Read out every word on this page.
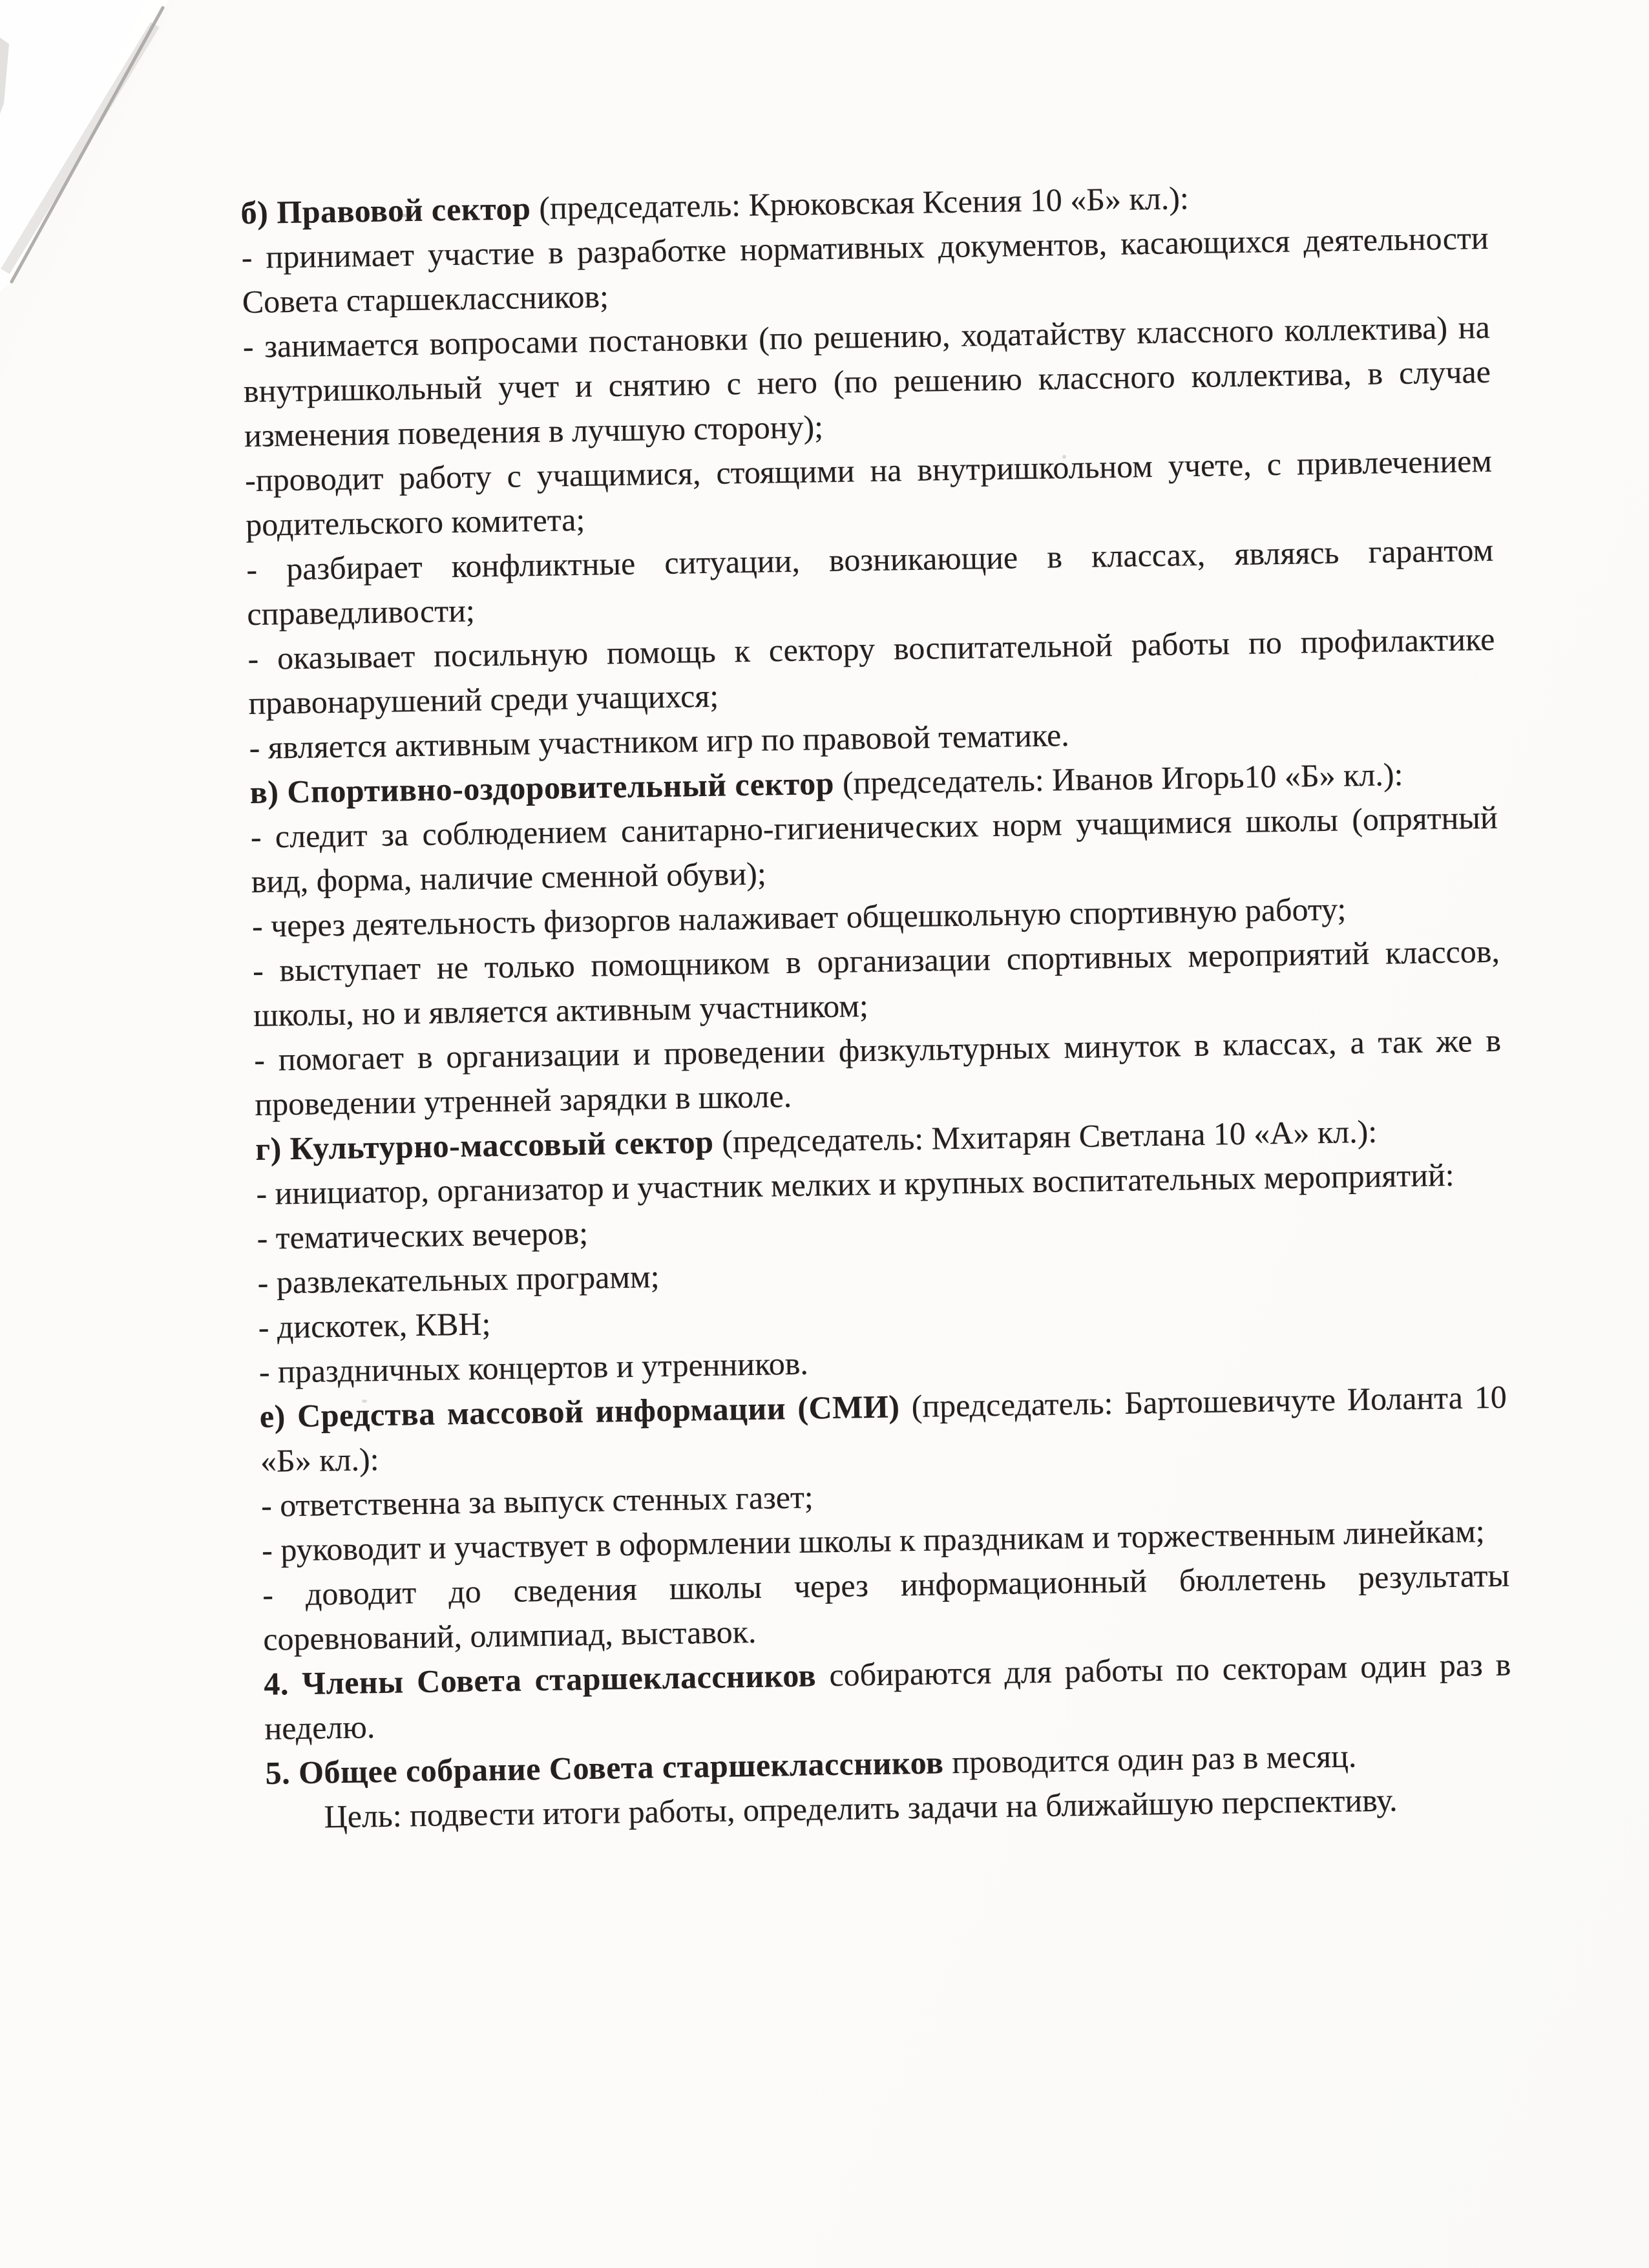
б) Правовой сектор (председатель: Крюковская Ксения 10 «Б» кл.):

- принимает участие в разработке нормативных документов, касающихся деятельности Совета старшеклассников;

- занимается вопросами постановки (по решению, ходатайству классного коллектива) на внутришкольный учет и снятию с него (по решению классного коллектива, в случае изменения поведения в лучшую сторону);

-проводит работу с учащимися, стоящими на внутришкольном учете, с привлечением родительского комитета;

- разбирает конфликтные ситуации, возникающие в классах, являясь гарантом справедливости;

- оказывает посильную помощь к сектору воспитательной работы по профилактике правонарушений среди учащихся;

- является активным участником игр по правовой тематике.

в) Спортивно-оздоровительный сектор (председатель: Иванов Игорь10 «Б» кл.):

- следит за соблюдением санитарно-гигиенических норм учащимися школы (опрятный вид, форма, наличие сменной обуви);

- через деятельность физоргов налаживает общешкольную спортивную работу;

- выступает не только помощником в организации спортивных мероприятий классов, школы, но и является активным участником;

- помогает в организации и проведении физкультурных минуток в классах, а так же в проведении утренней зарядки в школе.

г) Культурно-массовый сектор (председатель: Мхитарян Светлана 10 «А» кл.):

- инициатор, организатор и участник мелких и крупных воспитательных мероприятий:

- тематических вечеров;

- развлекательных программ;

- дискотек, КВН;

- праздничных концертов и утренников.

е) Средства массовой информации (СМИ) (председатель: Бартошевичуте Иоланта 10 «Б» кл.):

- ответственна за выпуск стенных газет;

- руководит и участвует в оформлении школы к праздникам и торжественным линейкам;

- доводит до сведения школы через информационный бюллетень результаты соревнований, олимпиад, выставок.

4. Члены Совета старшеклассников собираются для работы по секторам один раз в неделю.

5. Общее собрание Совета старшеклассников проводится один раз в месяц.

Цель: подвести итоги работы, определить задачи на ближайшую перспективу.
